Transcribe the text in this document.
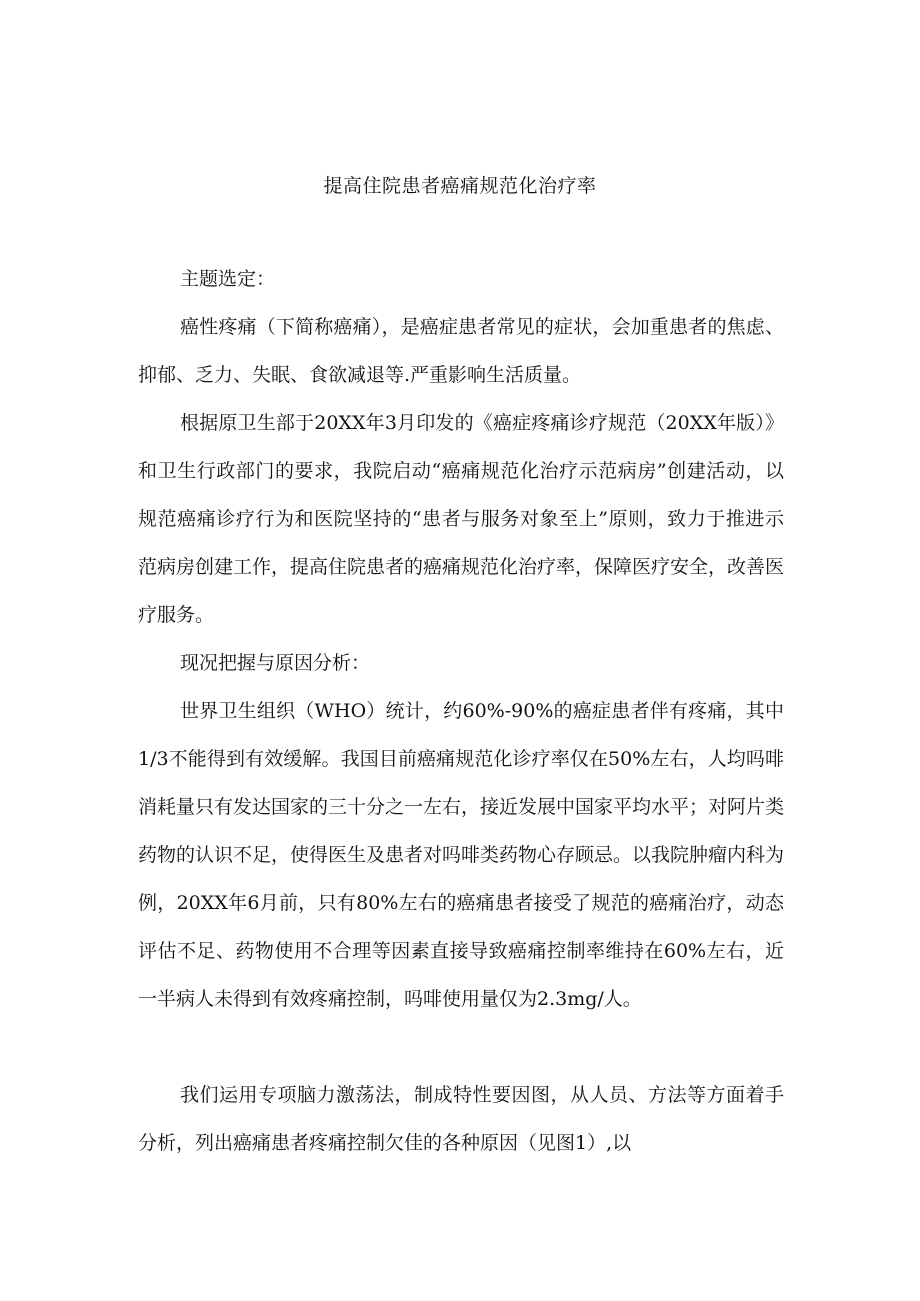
提高住院患者癌痛规范化治疗率

主题选定：

癌性疼痛（下简称癌痛），是癌症患者常见的症状，会加重患者的焦虑、抑郁、乏力、失眠、食欲减退等.严重影响生活质量。

根据原卫生部于20XX年3月印发的《癌症疼痛诊疗规范（20XX年版）》和卫生行政部门的要求，我院启动“癌痛规范化治疗示范病房”创建活动，以规范癌痛诊疗行为和医院坚持的“患者与服务对象至上”原则，致力于推进示范病房创建工作，提高住院患者的癌痛规范化治疗率，保障医疗安全，改善医疗服务。

现况把握与原因分析：

世界卫生组织（WHO）统计，约60%-90%的癌症患者伴有疼痛，其中1/3不能得到有效缓解。我国目前癌痛规范化诊疗率仅在50%左右，人均吗啡消耗量只有发达国家的三十分之一左右，接近发展中国家平均水平；对阿片类药物的认识不足，使得医生及患者对吗啡类药物心存顾忌。以我院肿瘤内科为例，20XX年6月前，只有80%左右的癌痛患者接受了规范的癌痛治疗，动态评估不足、药物使用不合理等因素直接导致癌痛控制率维持在60%左右，近一半病人未得到有效疼痛控制，吗啡使用量仅为2.3mg/人。

我们运用专项脑力激荡法，制成特性要因图，从人员、方法等方面着手分析，列出癌痛患者疼痛控制欠佳的各种原因（见图1）,以
